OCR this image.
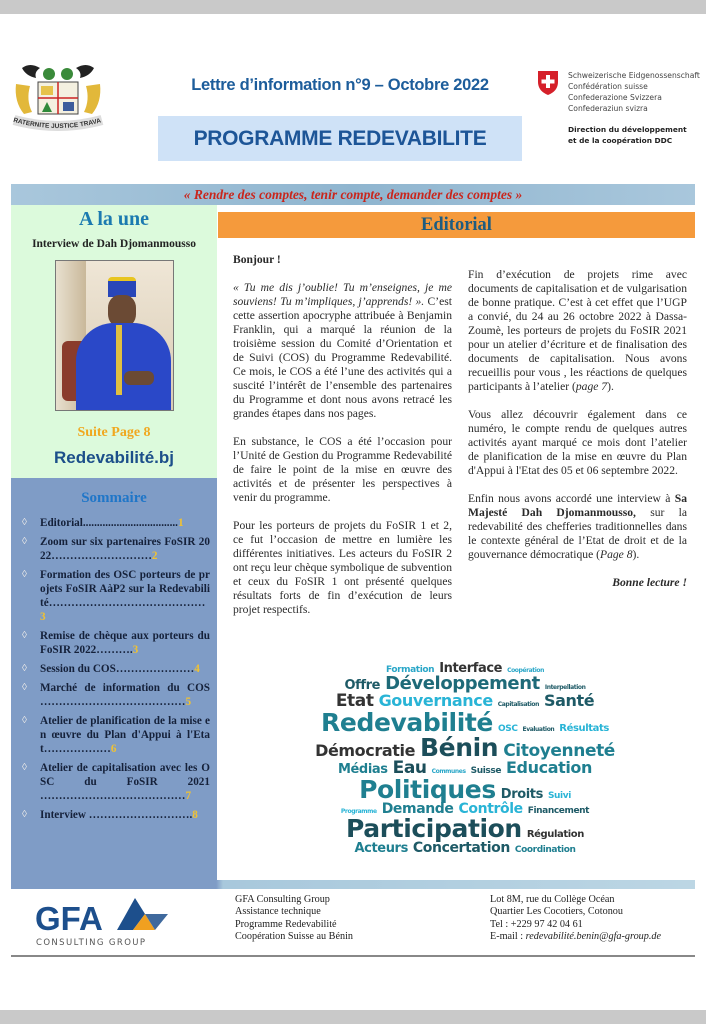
RATERNITE JUSTICE TRAVA
Lettre d’information n°9 – Octobre 2022
PROGRAMME REDEVABILITE
Schweizerische Eidgenossenschaft
Confédération suisse
Confederazione Svizzera
Confederaziun svizra
Direction du développement
et de la coopération DDC
« Rendre des comptes, tenir compte, demander des comptes »
A la une
Interview de Dah Djomanmousso
Suite Page 8
Redevabilité.bj
Sommaire
◊ Editorial..................................1
◊ Zoom sur six partenaires FoSIR 2022………………………2
◊ Formation des OSC porteurs de projets FoSIR AàP2 sur la Redevabilité……………………………………3
◊ Remise de chèque aux porteurs du FoSIR 2022……….3
◊ Session du COS…………………4
◊ Marché de information du COS …………………………………5
◊ Atelier de planification de la mise en œuvre du Plan d'Appui à l'Etat………………6
◊ Atelier de capitalisation avec les OSC du FoSIR 2021 …………………………………7
◊ Interview ……………………….8
Editorial

Bonjour !

« Tu me dis j’oublie! Tu m’enseignes, je me souviens! Tu m’impliques, j’apprends! ». C’est cette assertion apocryphe attribuée à Benjamin Franklin, qui a marqué la réunion de la troisième session du Comité d’Orientation et de Suivi (COS) du Programme Redevabilité. Ce mois, le COS a été l’une des activités qui a suscité l’intérêt de l’ensemble des partenaires du Programme et dont nous avons retracé les grandes étapes dans nos pages.

En substance, le COS a été l’occasion pour l’Unité de Gestion du Programme Redevabilité de faire le point de la mise en œuvre des activités et de présenter les perspectives à venir du programme.

Pour les porteurs de projets du FoSIR 1 et 2, ce fut l’occasion de mettre en lumière les différentes initiatives. Les acteurs du FoSIR 2 ont reçu leur chèque symbolique de subvention et ceux du FoSIR 1 ont présenté quelques résultats forts de fin d’exécution de leurs projet respectifs.

Fin d’exécution de projets rime avec documents de capitalisation et de vulgarisation de bonne pratique. C’est à cet effet que l’UGP a convié, du 24 au 26 octobre 2022 à Dassa-Zoumè, les porteurs de projets du FoSIR 2021 pour un atelier d’écriture et de finalisation des documents de capitalisation. Nous avons recueillis pour vous , les réactions de quelques participants à l’atelier (page 7).

Vous allez découvrir également dans ce numéro, le compte rendu de quelques autres activités ayant marqué ce mois dont l’atelier de planification de la mise en œuvre du Plan d'Appui à l'Etat des 05 et 06 septembre 2022.

Enfin nous avons accordé une interview à Sa Majesté Dah Djomanmousso, sur la redevabilité des chefferies traditionnelles dans le contexte général de l’Etat de droit et de la gouvernance démocratique (Page 8).

Bonne lecture !

Formation Interface Coopération
Offre Développement Interpellation
Etat Gouvernance Capitalisation Santé
Redevabilité OSC Evaluation Résultats
Démocratie Bénin Citoyenneté
Médias Eau Communes Suisse Education
Politiques Droits Suivi
Programme Demande Contrôle Financement
Participation Régulation
Acteurs Concertation Coordination
GFA
CONSULTING GROUP
GFA Consulting Group
Assistance technique
Programme Redevabilité
Coopération Suisse au Bénin
Lot 8M, rue du Collège Océan
Quartier Les Cocotiers, Cotonou
Tel : +229 97 42 04 61
E-mail : redevabilité.benin@gfa-group.de
